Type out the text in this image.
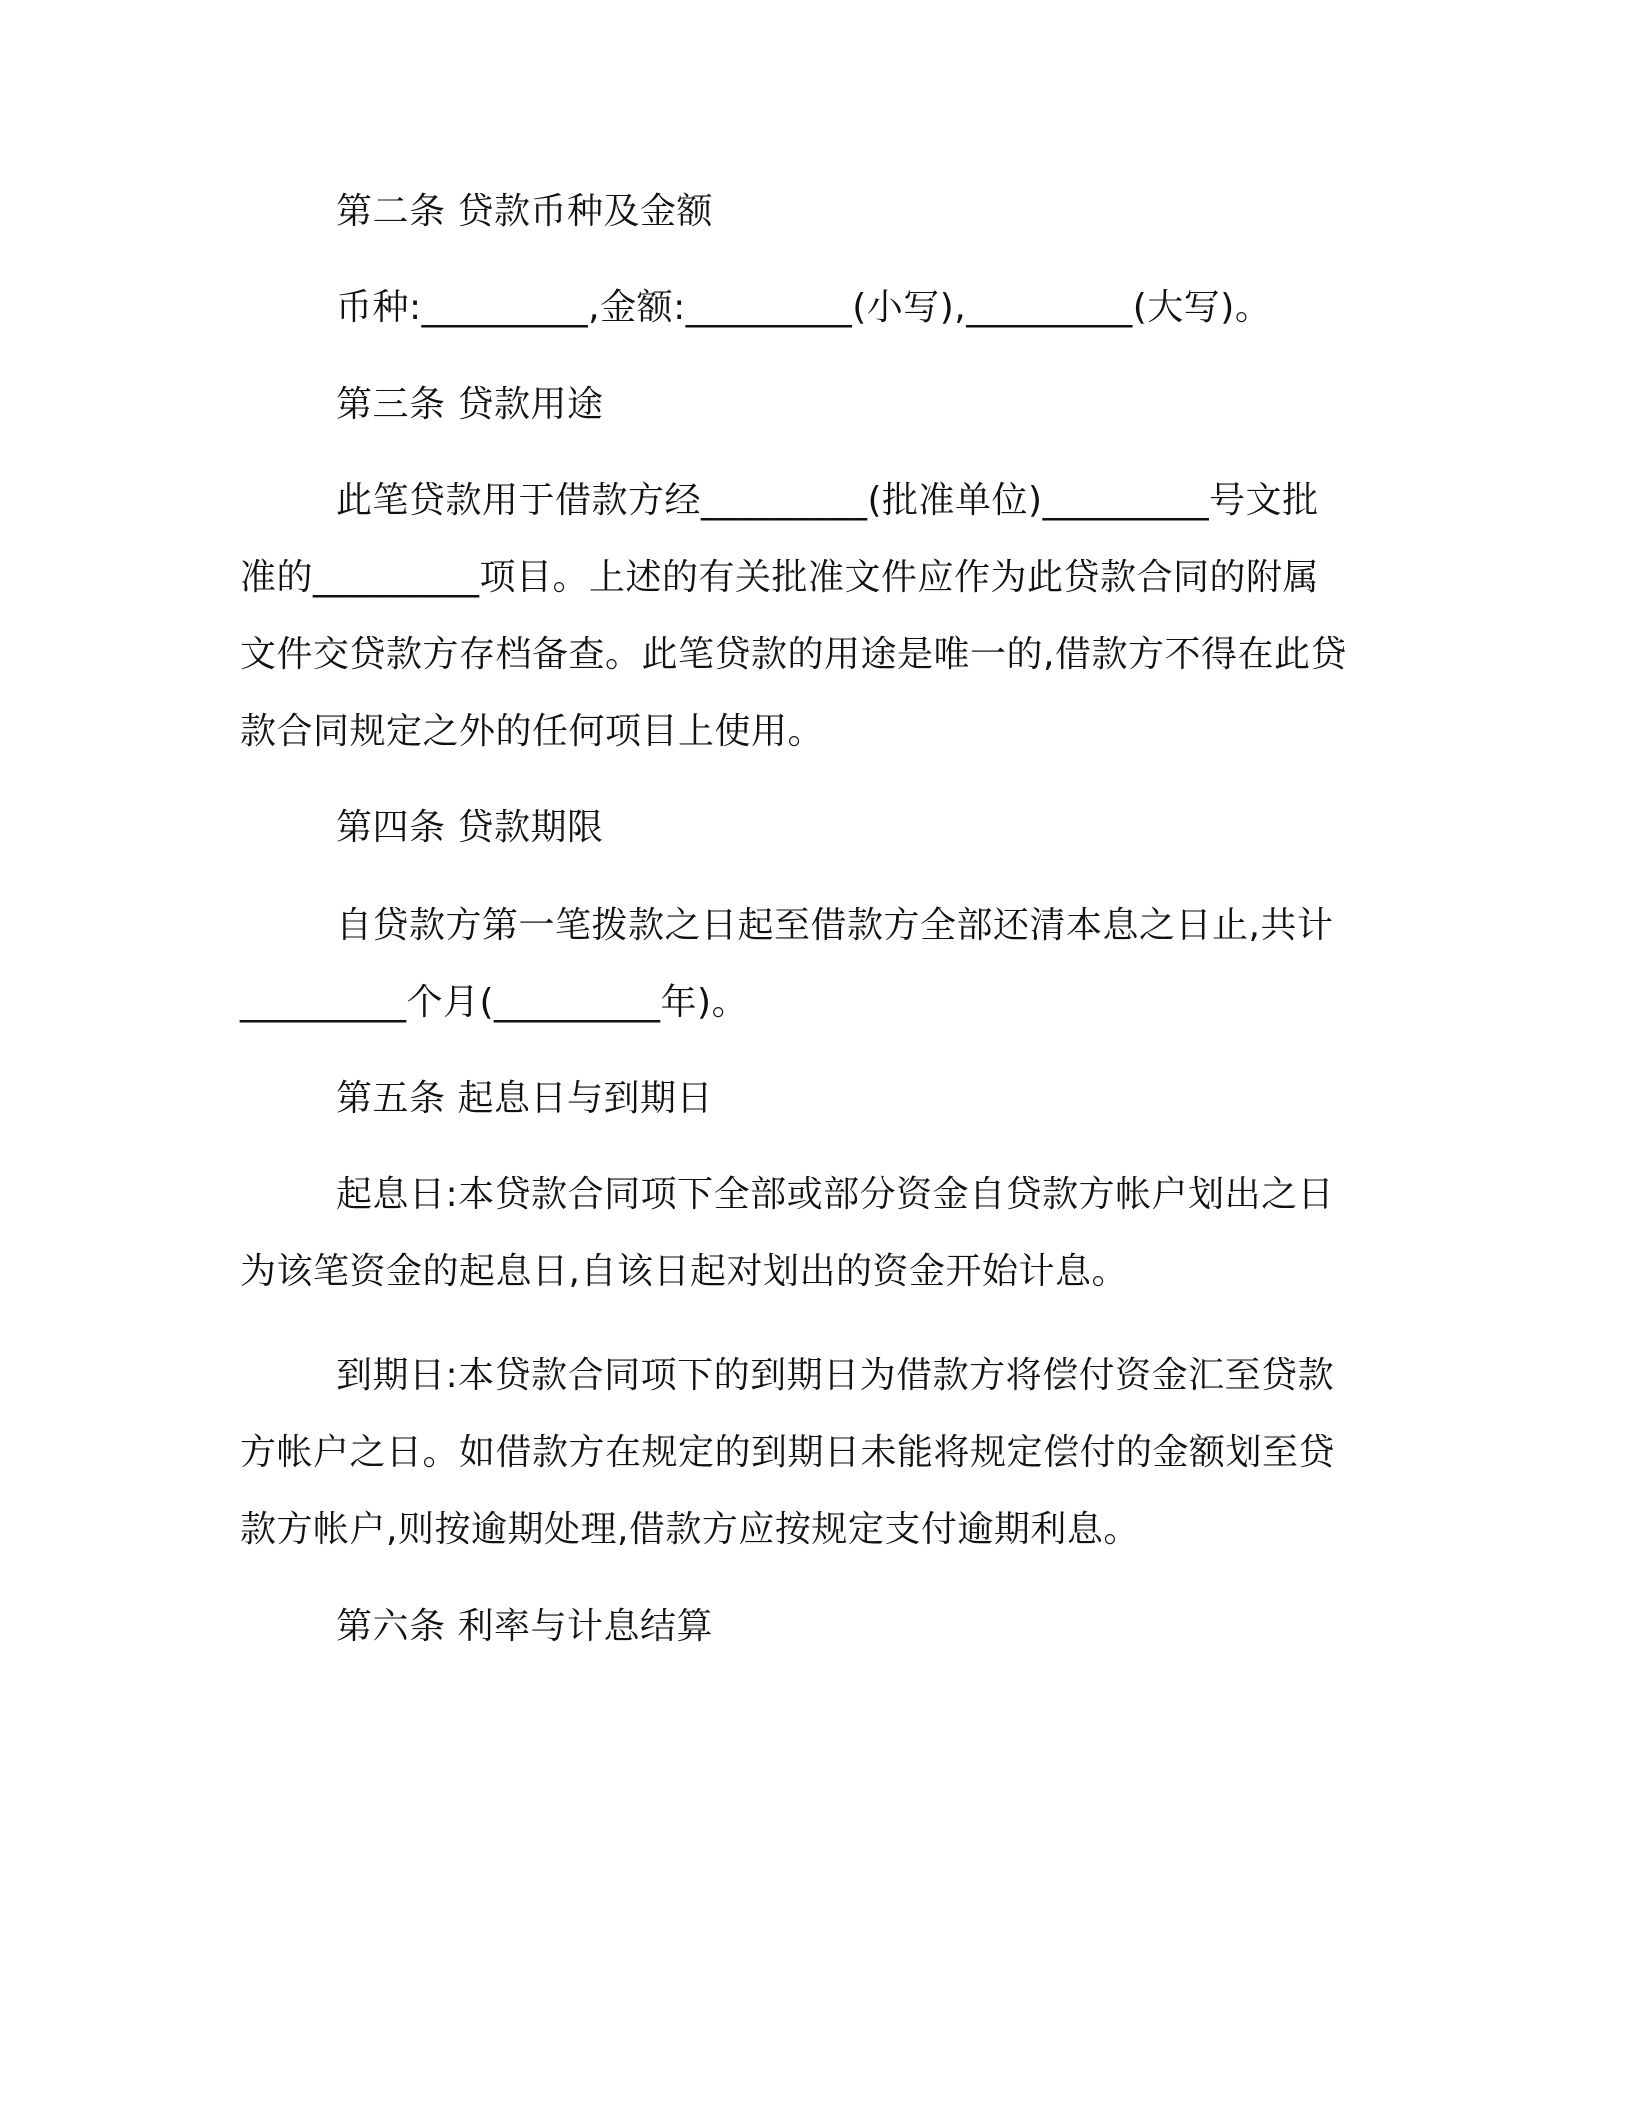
第二条 贷款币种及金额

币种:_________,金额:_________(小写),_________(大写)。

第三条 贷款用途

此笔贷款用于借款方经_________(批准单位)_________号文批
准的_________项目。上述的有关批准文件应作为此贷款合同的附属
文件交贷款方存档备查。此笔贷款的用途是唯一的,借款方不得在此贷
款合同规定之外的任何项目上使用。

第四条 贷款期限

自贷款方第一笔拨款之日起至借款方全部还清本息之日止,共计
_________个月(_________年)。

第五条 起息日与到期日

起息日:本贷款合同项下全部或部分资金自贷款方帐户划出之日
为该笔资金的起息日,自该日起对划出的资金开始计息。

到期日:本贷款合同项下的到期日为借款方将偿付资金汇至贷款
方帐户之日。如借款方在规定的到期日未能将规定偿付的金额划至贷
款方帐户,则按逾期处理,借款方应按规定支付逾期利息。

第六条 利率与计息结算
